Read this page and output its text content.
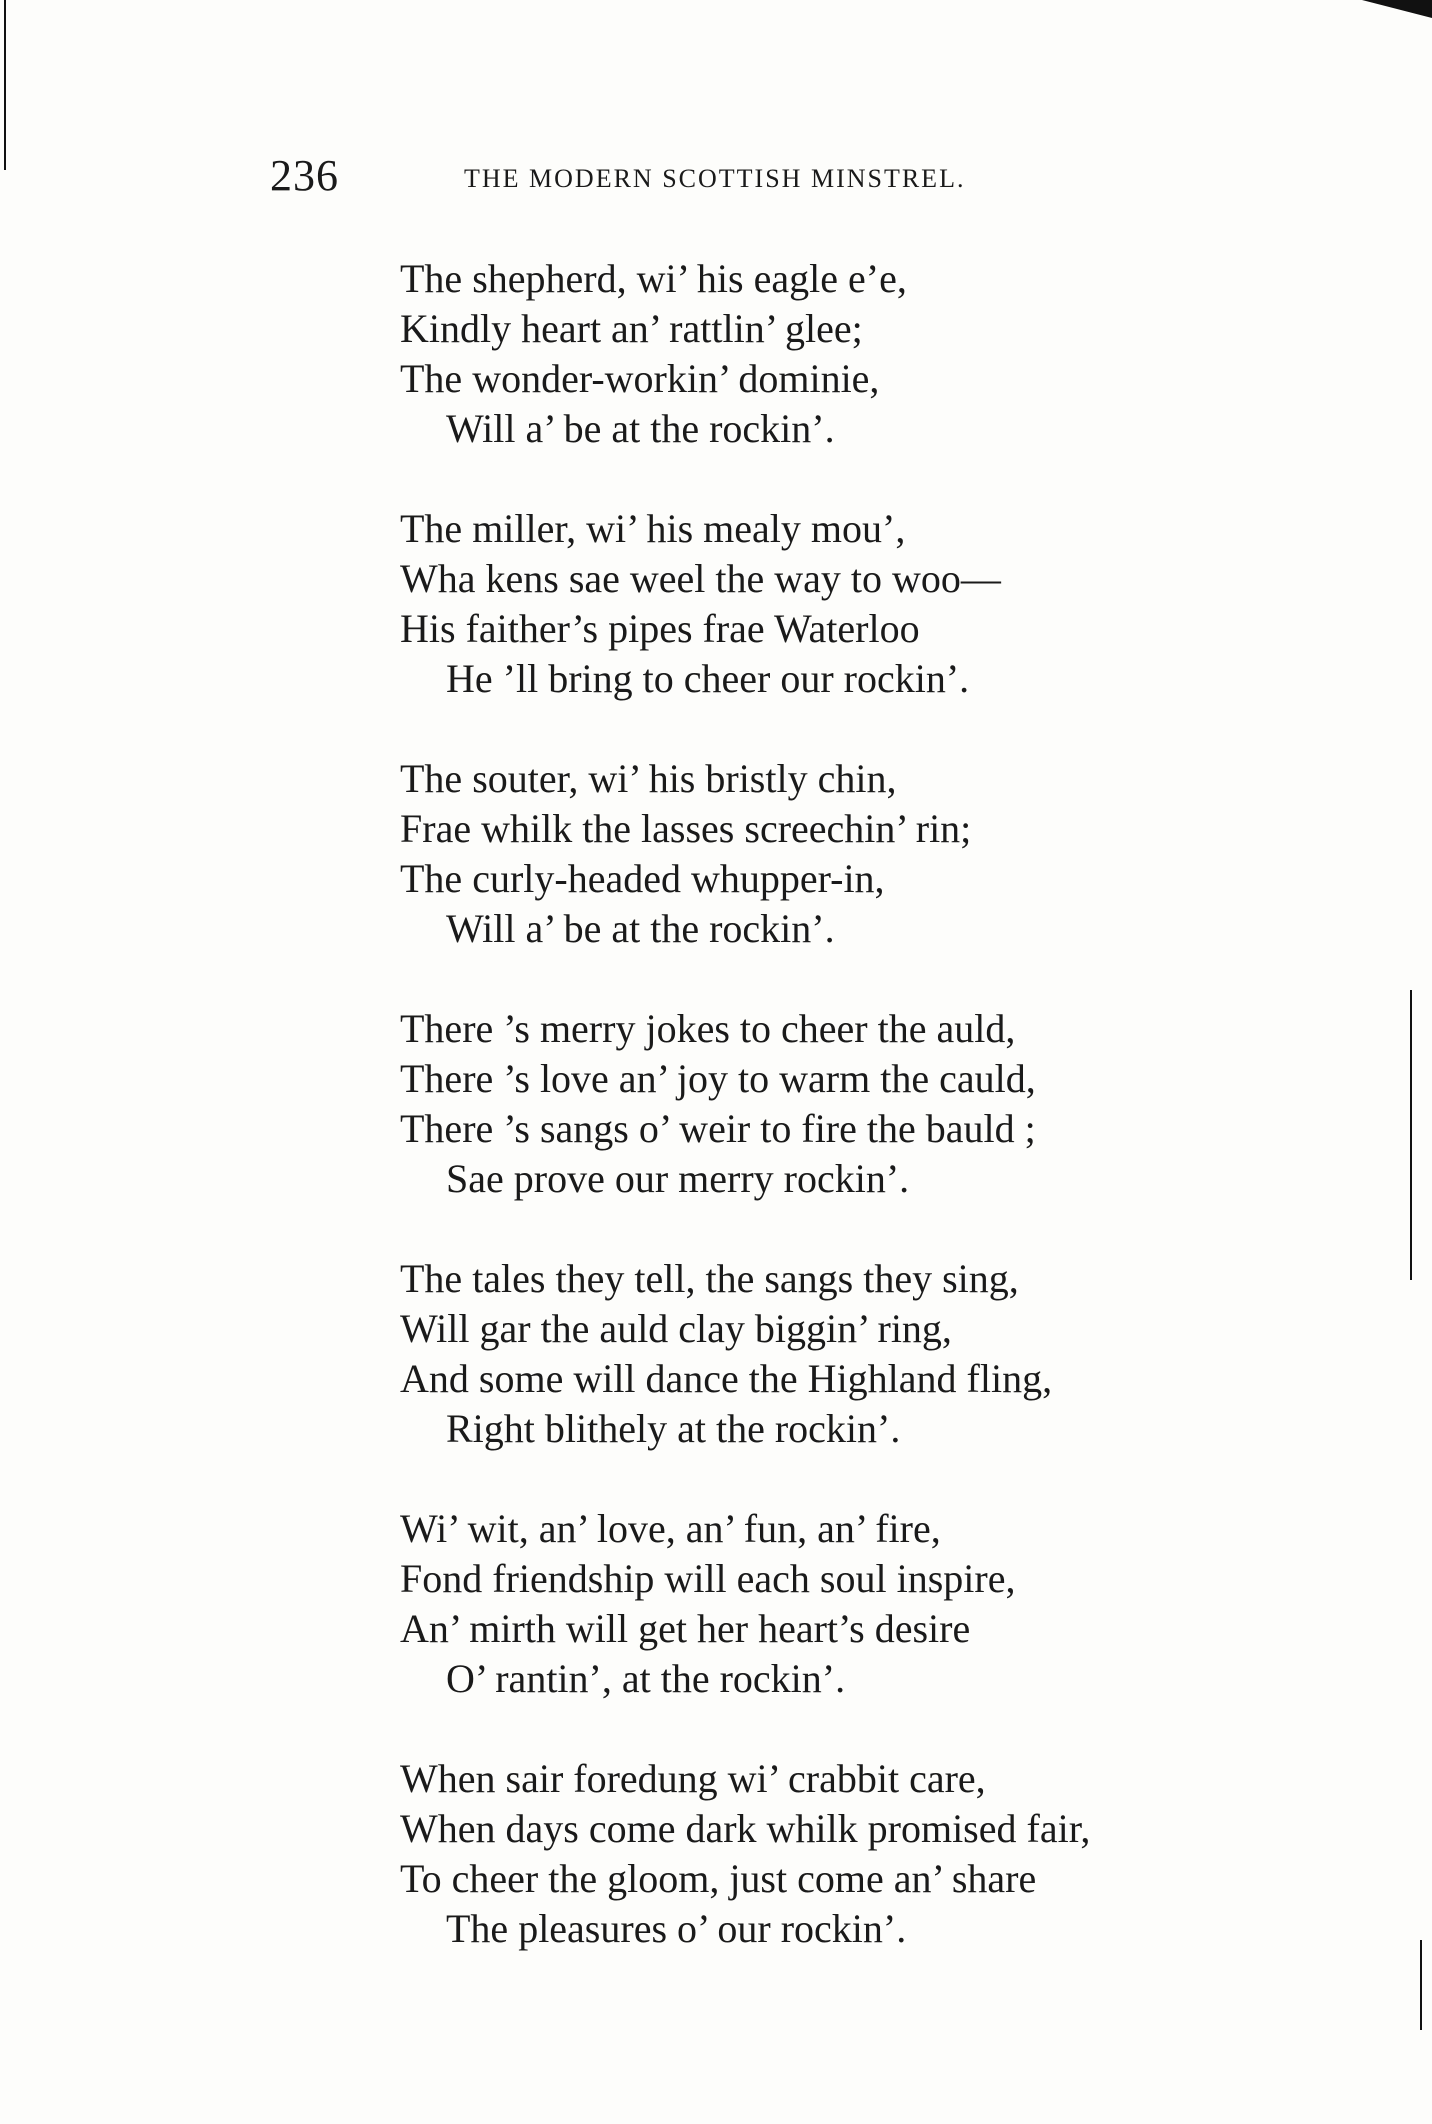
236	THE MODERN SCOTTISH MINSTREL.
The shepherd, wi’ his eagle e’e,
Kindly heart an’ rattlin’ glee;
The wonder-workin’ dominie,
Will a’ be at the rockin’.
The miller, wi’ his mealy mou’,
Wha kens sae weel the way to woo—
His faither’s pipes frae Waterloo
He ’ll bring to cheer our rockin’.
The souter, wi’ his bristly chin,
Frae whilk the lasses screechin’ rin;
The curly-headed whupper-in,
Will a’ be at the rockin’.
There ’s merry jokes to cheer the auld,
There ’s love an’ joy to warm the cauld,
There ’s sangs o’ weir to fire the bauld ;
Sae prove our merry rockin’.
The tales they tell, the sangs they sing,
Will gar the auld clay biggin’ ring,
And some will dance the Highland fling,
Right blithely at the rockin’.
Wi’ wit, an’ love, an’ fun, an’ fire,
Fond friendship will each soul inspire,
An’ mirth will get her heart’s desire
O’ rantin’, at the rockin’.
When sair foredung wi’ crabbit care,
When days come dark whilk promised fair,
To cheer the gloom, just come an’ share
The pleasures o’ our rockin’.
